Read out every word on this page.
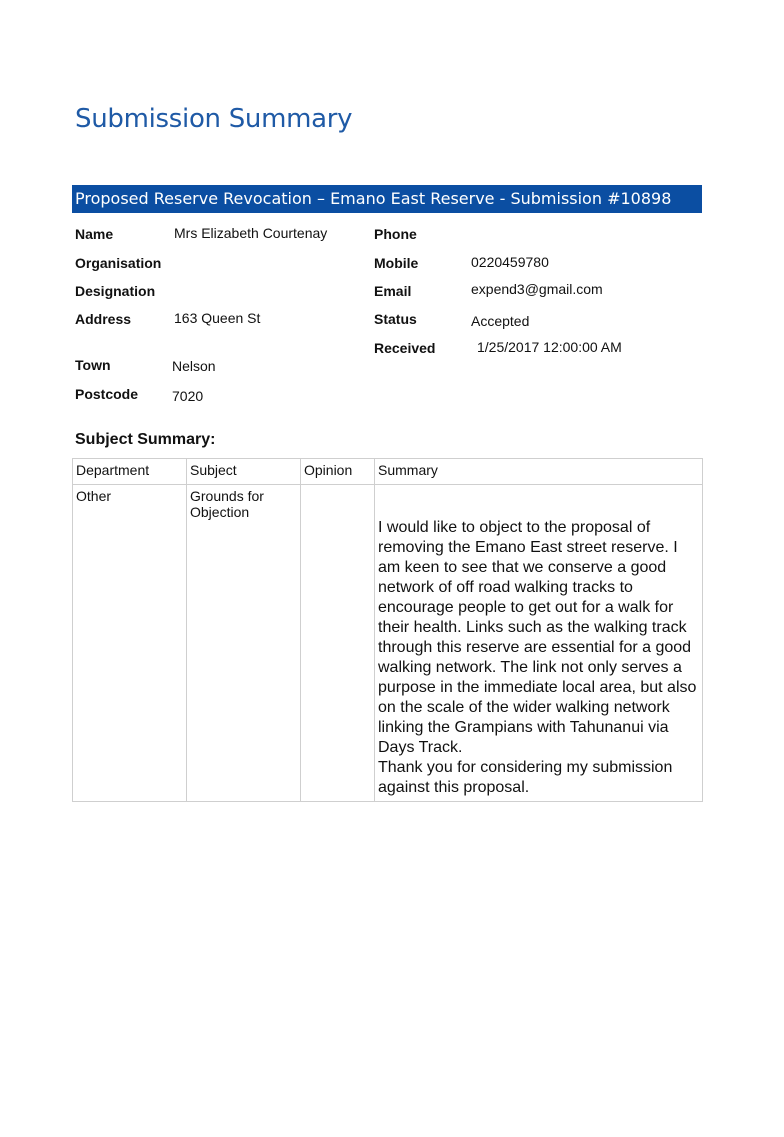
Submission Summary
Proposed Reserve Revocation – Emano East Reserve - Submission #10898
Name	Mrs Elizabeth Courtenay
Organisation
Designation
Address	163 Queen St
Town	Nelson
Postcode 7020
Phone
Mobile	0220459780
Email	expend3@gmail.com
Status	Accepted
Received	1/25/2017 12:00:00 AM
Subject Summary:
Department	Subject	Opinion	Summary
Other	Grounds for Objection		I would like to object to the proposal of removing the Emano East street reserve. I am keen to see that we conserve a good network of off road walking tracks to encourage people to get out for a walk for their health. Links such as the walking track through this reserve are essential for a good walking network. The link not only serves a purpose in the immediate local area, but also on the scale of the wider walking network linking the Grampians with Tahunanui via Days Track.
Thank you for considering my submission against this proposal.
